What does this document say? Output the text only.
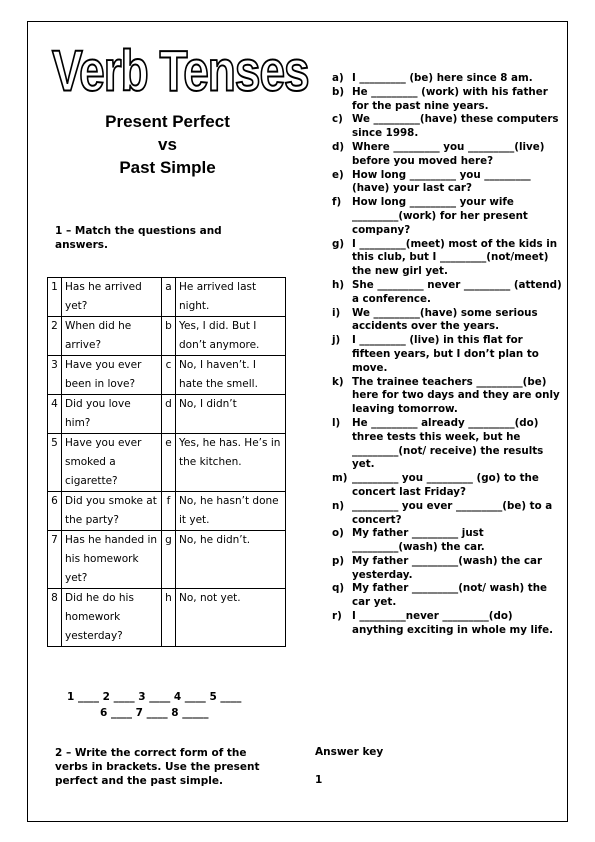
Verb Tenses
Present Perfect
vs
Past Simple
1 – Match the questions and answers.
1	Has he arrived yet?	a	He arrived last night.
2	When did he arrive?	b	Yes, I did. But I don’t anymore.
3	Have you ever been in love?	c	No, I haven’t. I hate the smell.
4	Did you love him?	d	No, I didn’t
5	Have you ever smoked a cigarette?	e	Yes, he has. He’s in the kitchen.
6	Did you smoke at the party?	f	No, he hasn’t done it yet.
7	Has he handed in his homework yet?	g	No, he didn’t.
8	Did he do his homework yesterday?	h	No, not yet.
1 ____ 2 ____ 3 ____ 4 ____ 5 ____
6 ____ 7 ____ 8 _____
2 – Write the correct form of the verbs in brackets. Use the present perfect and the past simple.
a) I _________ (be) here since 8 am.
b) He _________ (work) with his father for the past nine years.
c) We _________(have) these computers since 1998.
d) Where _________ you _________(live) before you moved here?
e) How long _________ you _________ (have) your last car?
f) How long _________ your wife _________(work) for her present company?
g) I _________(meet) most of the kids in this club, but I _________(not/meet) the new girl yet.
h) She _________ never _________ (attend) a conference.
i) We _________(have) some serious accidents over the years.
j) I _________ (live) in this flat for fifteen years, but I don’t plan to move.
k) The trainee teachers _________(be) here for two days and they are only leaving tomorrow.
l) He _________ already _________(do) three tests this week, but he _________(not/ receive) the results yet.
m) _________ you _________ (go) to the concert last Friday?
n) _________ you ever _________(be) to a concert?
o) My father _________ just _________(wash) the car.
p) My father _________(wash) the car yesterday.
q) My father _________(not/ wash) the car yet.
r) I _________never _________(do) anything exciting in whole my life.
Answer key
1
